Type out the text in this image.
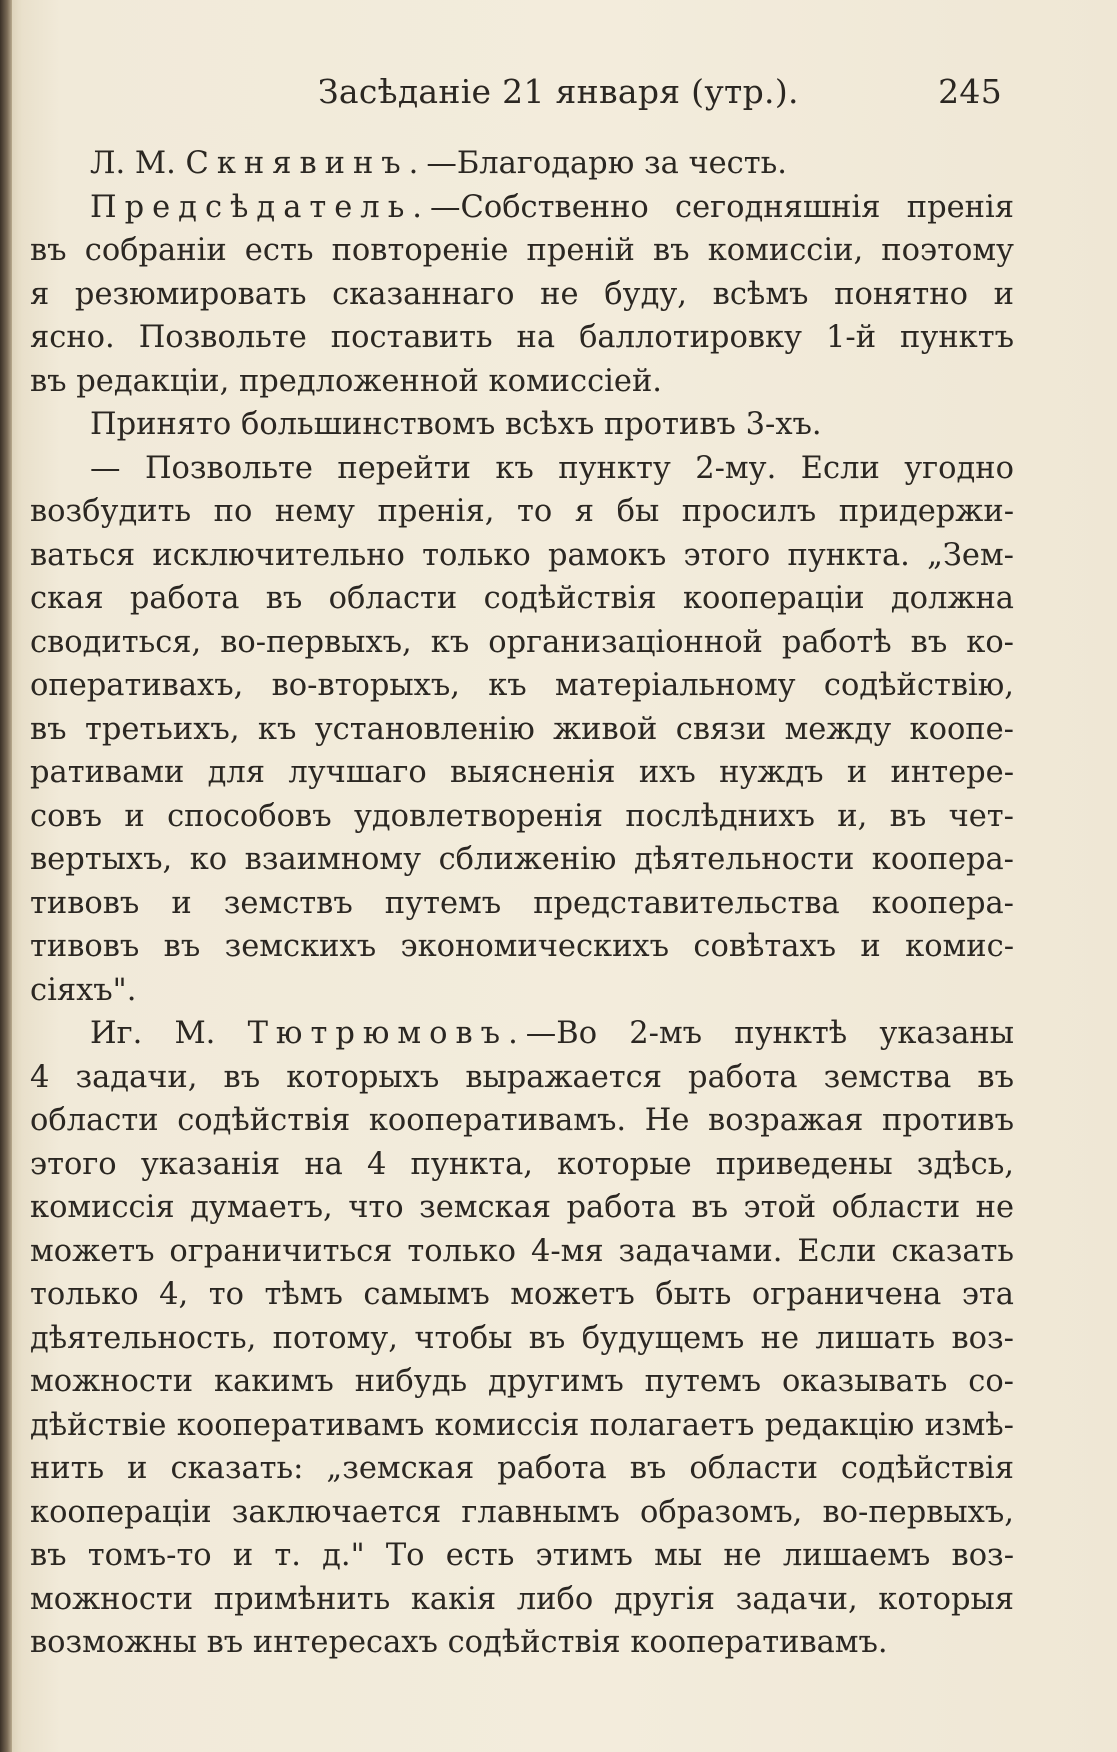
Засѣданіе 21 января (утр.).	245
Л. М. Скнявинъ.—Благодарю за честь.
Предсѣдатель.—Собственно сегодняшнія пренія
въ собраніи есть повтореніе преній въ комиссіи, поэтому
я резюмировать сказаннаго не буду, всѣмъ понятно и
ясно. Позвольте поставить на баллотировку 1-й пунктъ
въ редакціи, предложенной комиссіей.
Принято большинствомъ всѣхъ противъ 3-хъ.
— Позвольте перейти къ пункту 2-му. Если угодно
возбудить по нему пренія, то я бы просилъ придержи-
ваться исключительно только рамокъ этого пункта. „Зем-
ская работа въ области содѣйствія коопераціи должна
сводиться, во-первыхъ, къ организаціонной работѣ въ ко-
оперативахъ, во-вторыхъ, къ матеріальному содѣйствію,
въ третьихъ, къ установленію живой связи между коопе-
ративами для лучшаго выясненія ихъ нуждъ и интере-
совъ и способовъ удовлетворенія послѣднихъ и, въ чет-
вертыхъ, ко взаимному сближенію дѣятельности коопера-
тивовъ и земствъ путемъ представительства коопера-
тивовъ въ земскихъ экономическихъ совѣтахъ и комис-
сіяхъ".
Иг. М. Тютрюмовъ.—Во 2-мъ пунктѣ указаны
4 задачи, въ которыхъ выражается работа земства въ
области содѣйствія кооперативамъ. Не возражая противъ
этого указанія на 4 пункта, которые приведены здѣсь,
комиссія думаетъ, что земская работа въ этой области не
можетъ ограничиться только 4-мя задачами. Если сказать
только 4, то тѣмъ самымъ можетъ быть ограничена эта
дѣятельность, потому, чтобы въ будущемъ не лишать воз-
можности какимъ нибудь другимъ путемъ оказывать со-
дѣйствіе кооперативамъ комиссія полагаетъ редакцію измѣ-
нить и сказать: „земская работа въ области содѣйствія
коопераціи заключается главнымъ образомъ, во-первыхъ,
въ томъ-то и т. д." То есть этимъ мы не лишаемъ воз-
можности примѣнить какія либо другія задачи, которыя
возможны въ интересахъ содѣйствія кооперативамъ.
